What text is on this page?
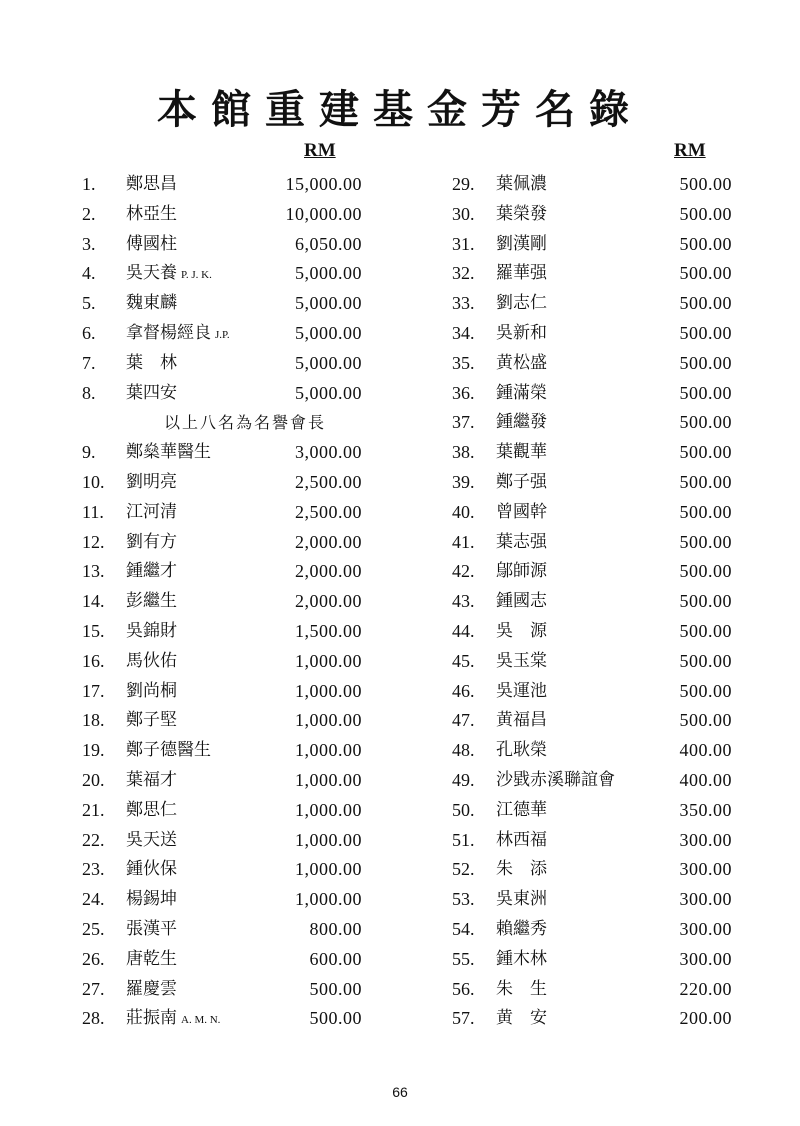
本館重建基金芳名錄
RM
1. 鄭思昌	15,000.00
2. 林亞生	10,000.00
3. 傅國柱	6,050.00
4. 吳天養 P. J. K.	5,000.00
5. 魏東麟	5,000.00
6. 拿督楊經良 J.P.	5,000.00
7. 葉　林	5,000.00
8. 葉四安	5,000.00
以上八名為名譽會長
9. 鄭燊華醫生	3,000.00
10. 劉明亮	2,500.00
11. 江河清	2,500.00
12. 劉有方	2,000.00
13. 鍾繼才	2,000.00
14. 彭繼生	2,000.00
15. 吳錦財	1,500.00
16. 馬伙佑	1,000.00
17. 劉尚桐	1,000.00
18. 鄭子堅	1,000.00
19. 鄭子德醫生	1,000.00
20. 葉福才	1,000.00
21. 鄭思仁	1,000.00
22. 吳天送	1,000.00
23. 鍾伙保	1,000.00
24. 楊錫坤	1,000.00
25. 張漢平	800.00
26. 唐乾生	600.00
27. 羅慶雲	500.00
28. 莊振南 A. M. N.	500.00
RM
29. 葉佩濃	500.00
30. 葉榮發	500.00
31. 劉漢剛	500.00
32. 羅華强	500.00
33. 劉志仁	500.00
34. 吳新和	500.00
35. 黄松盛	500.00
36. 鍾滿榮	500.00
37. 鍾繼發	500.00
38. 葉觀華	500.00
39. 鄭子强	500.00
40. 曾國幹	500.00
41. 葉志强	500.00
42. 鄔師源	500.00
43. 鍾國志	500.00
44. 吳　源	500.00
45. 吳玉棠	500.00
46. 吳運池	500.00
47. 黄福昌	500.00
48. 孔耿榮	400.00
49. 沙戥赤溪聯誼會	400.00
50. 江德華	350.00
51. 林西福	300.00
52. 朱　添	300.00
53. 吳東洲	300.00
54. 賴繼秀	300.00
55. 鍾木林	300.00
56. 朱　生	220.00
57. 黄　安	200.00
66
